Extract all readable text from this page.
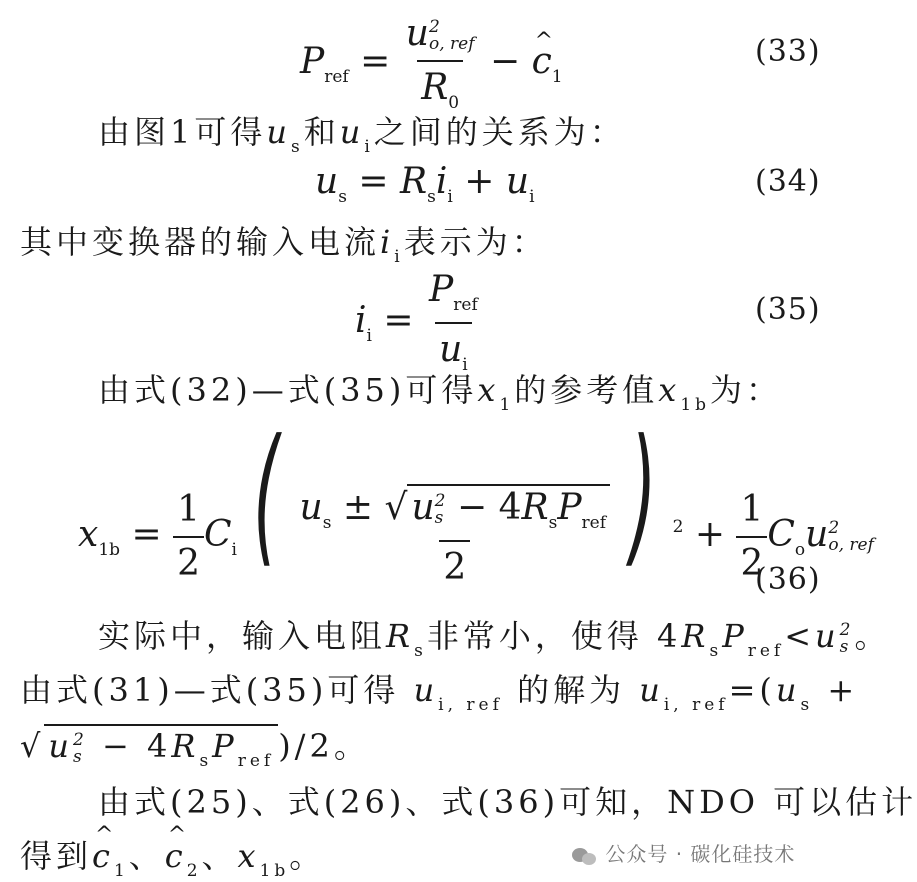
$P_{ref} = u$ 2
o, ref
$R_0$ − ^ $c_1$
(33)
由图1可得$u_s$和$u_i$之间的关系为：
$u_s = R_si_i + u_i$	(34)
其中变换器的输入电流$i_i$表示为：
$i_i = \frac{P_{ref}}{u_i}$	(35)
由式(32)—式(35)可得$x_1$的参考值$x_{1b}$为：
$x_{1b} = \frac{1}{2} C_i$ ( $u_s$ ± √ u 2
$s - 4R_sP_{ref}$
2 ) $^2 + \frac{1}{2} C_ou$ 2
o, ref
(36)
实际中，输入电阻$R_s$非常小，使得 $4R_sP_{ref}<u$ 2
s 。
由式(31)—式(35)可得 $u_{i, ref}$ 的解为 $u_{i, ref}=(u_s$ +
√ u 2
$s - 4R_sP_{ref}$ )/2。
由式(25)、式(26)、式(36)可知，NDO 可以估计
得到^ $c_1$、^ $c_2$、$x_{1b}$。	公众号 · 碳化硅技术
